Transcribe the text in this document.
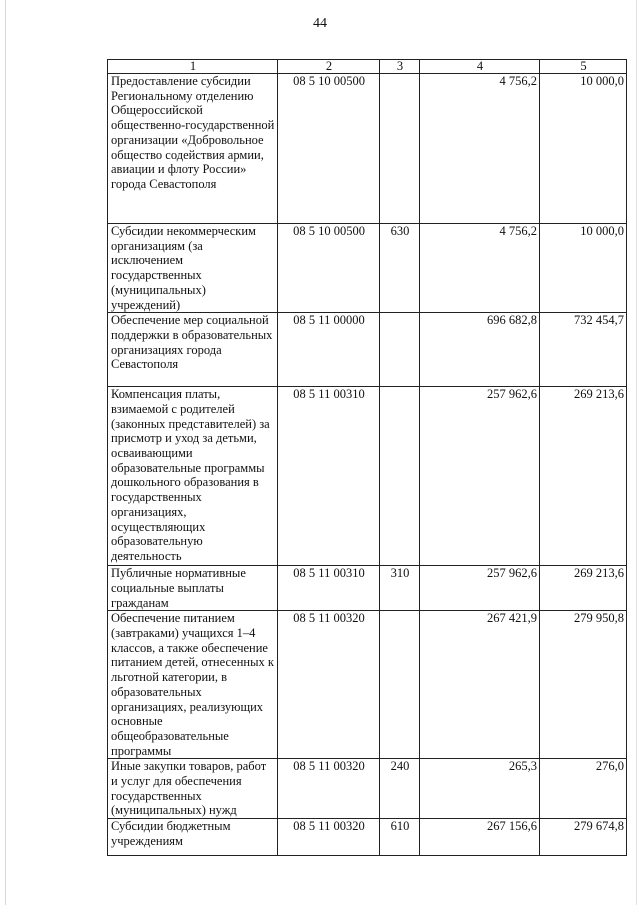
44
1	2	3	4	5
Предоставление субсидии Региональному отделению Общероссийской общественно-государственной организации «Добровольное общество содействия армии, авиации и флоту России» города Севастополя	08 5 10 00500		4 756,2	10 000,0
Субсидии некоммерческим организациям (за исключением государственных (муниципальных) учреждений)	08 5 10 00500	630	4 756,2	10 000,0
Обеспечение мер социальной поддержки в образовательных организациях города Севастополя	08 5 11 00000		696 682,8	732 454,7
Компенсация платы, взимаемой с родителей (законных представителей) за присмотр и уход за детьми, осваивающими образовательные программы дошкольного образования в государственных организациях, осуществляющих образовательную деятельность	08 5 11 00310		257 962,6	269 213,6
Публичные нормативные социальные выплаты гражданам	08 5 11 00310	310	257 962,6	269 213,6
Обеспечение питанием (завтраками) учащихся 1–4 классов, а также обеспечение питанием детей, отнесенных к льготной категории, в образовательных организациях, реализующих основные общеобразовательные программы	08 5 11 00320		267 421,9	279 950,8
Иные закупки товаров, работ и услуг для обеспечения государственных (муниципальных) нужд	08 5 11 00320	240	265,3	276,0
Субсидии бюджетным учреждениям	08 5 11 00320	610	267 156,6	279 674,8
